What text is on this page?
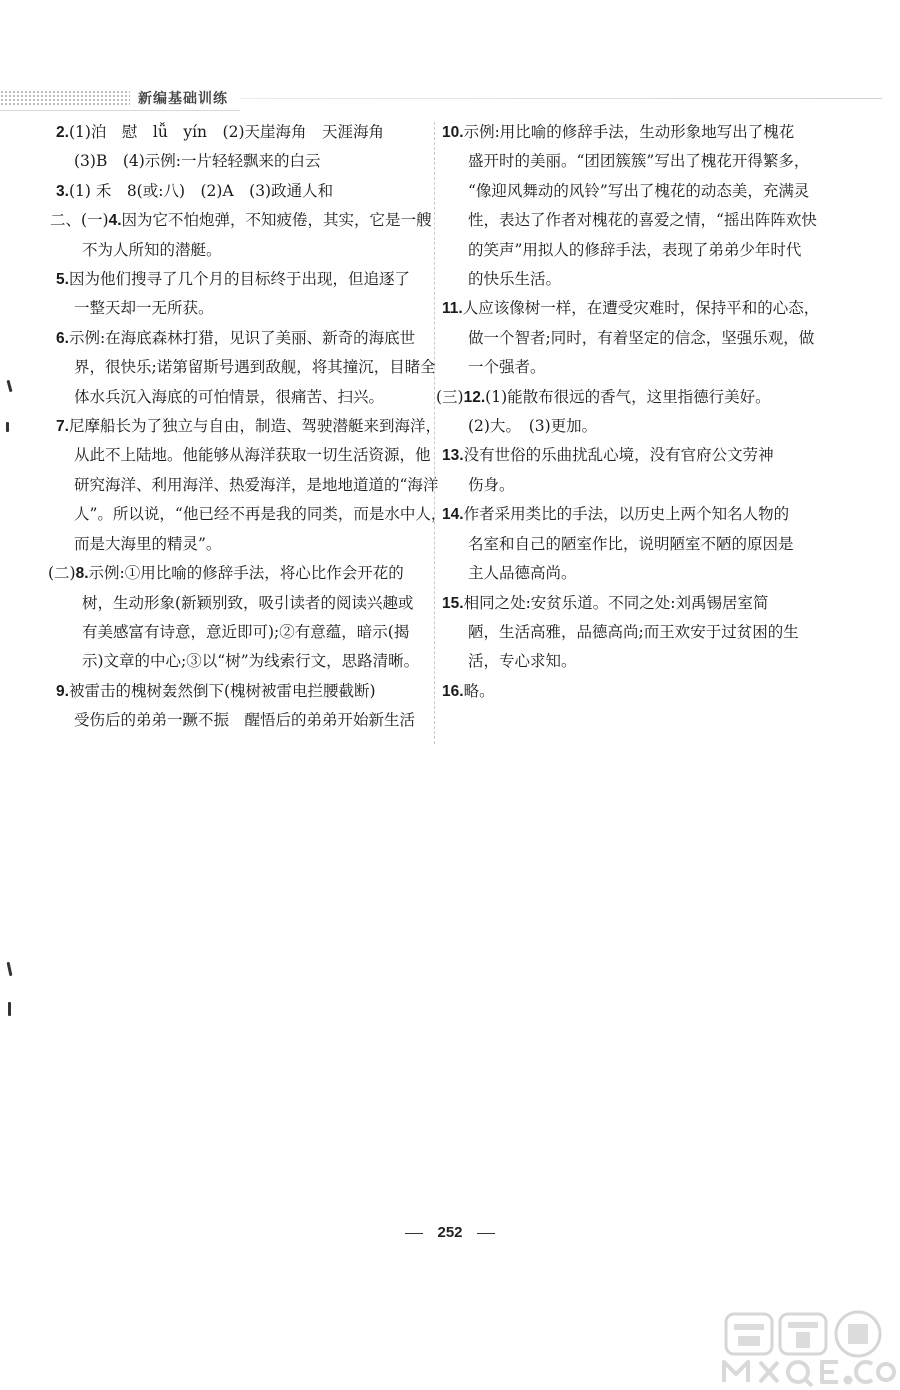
新编基础训练
2.(1)泊　慰　lǚ　yín　(2)天崖海角　天涯海角
(3)B　(4)示例:一片轻轻飘来的白云
3.(1) 禾　8(或:八)　(2)A　(3)政通人和
二、(一)4.因为它不怕炮弹，不知疲倦，其实，它是一艘
不为人所知的潜艇。
5.因为他们搜寻了几个月的目标终于出现，但追逐了
一整天却一无所获。
6.示例:在海底森林打猎，见识了美丽、新奇的海底世
界，很快乐;诺第留斯号遇到敌舰，将其撞沉，目睹全
体水兵沉入海底的可怕情景，很痛苦、扫兴。
7.尼摩船长为了独立与自由，制造、驾驶潜艇来到海洋，
从此不上陆地。他能够从海洋获取一切生活资源，他
研究海洋、利用海洋、热爱海洋，是地地道道的“海洋
人”。所以说，“他已经不再是我的同类，而是水中人，
而是大海里的精灵”。
(二)8.示例:①用比喻的修辞手法，将心比作会开花的
树，生动形象(新颖别致，吸引读者的阅读兴趣或
有美感富有诗意，意近即可);②有意蕴，暗示(揭
示)文章的中心;③以“树”为线索行文，思路清晰。
9.被雷击的槐树轰然倒下(槐树被雷电拦腰截断)
受伤后的弟弟一蹶不振　醒悟后的弟弟开始新生活
10.示例:用比喻的修辞手法，生动形象地写出了槐花
盛开时的美丽。“团团簇簇”写出了槐花开得繁多，
“像迎风舞动的风铃”写出了槐花的动态美，充满灵
性，表达了作者对槐花的喜爱之情，“摇出阵阵欢快
的笑声”用拟人的修辞手法，表现了弟弟少年时代
的快乐生活。
11.人应该像树一样，在遭受灾难时，保持平和的心态，
做一个智者;同时，有着坚定的信念，坚强乐观，做
一个强者。
(三)12.(1)能散布很远的香气，这里指德行美好。
(2)大。　(3)更加。
13.没有世俗的乐曲扰乱心境，没有官府公文劳神
伤身。
14.作者采用类比的手法，以历史上两个知名人物的
名室和自己的陋室作比，说明陋室不陋的原因是
主人品德高尚。
15.相同之处:安贫乐道。不同之处:刘禹锡居室简
陋，生活高雅，品德高尚;而王欢安于过贫困的生
活，专心求知。
16.略。
252
